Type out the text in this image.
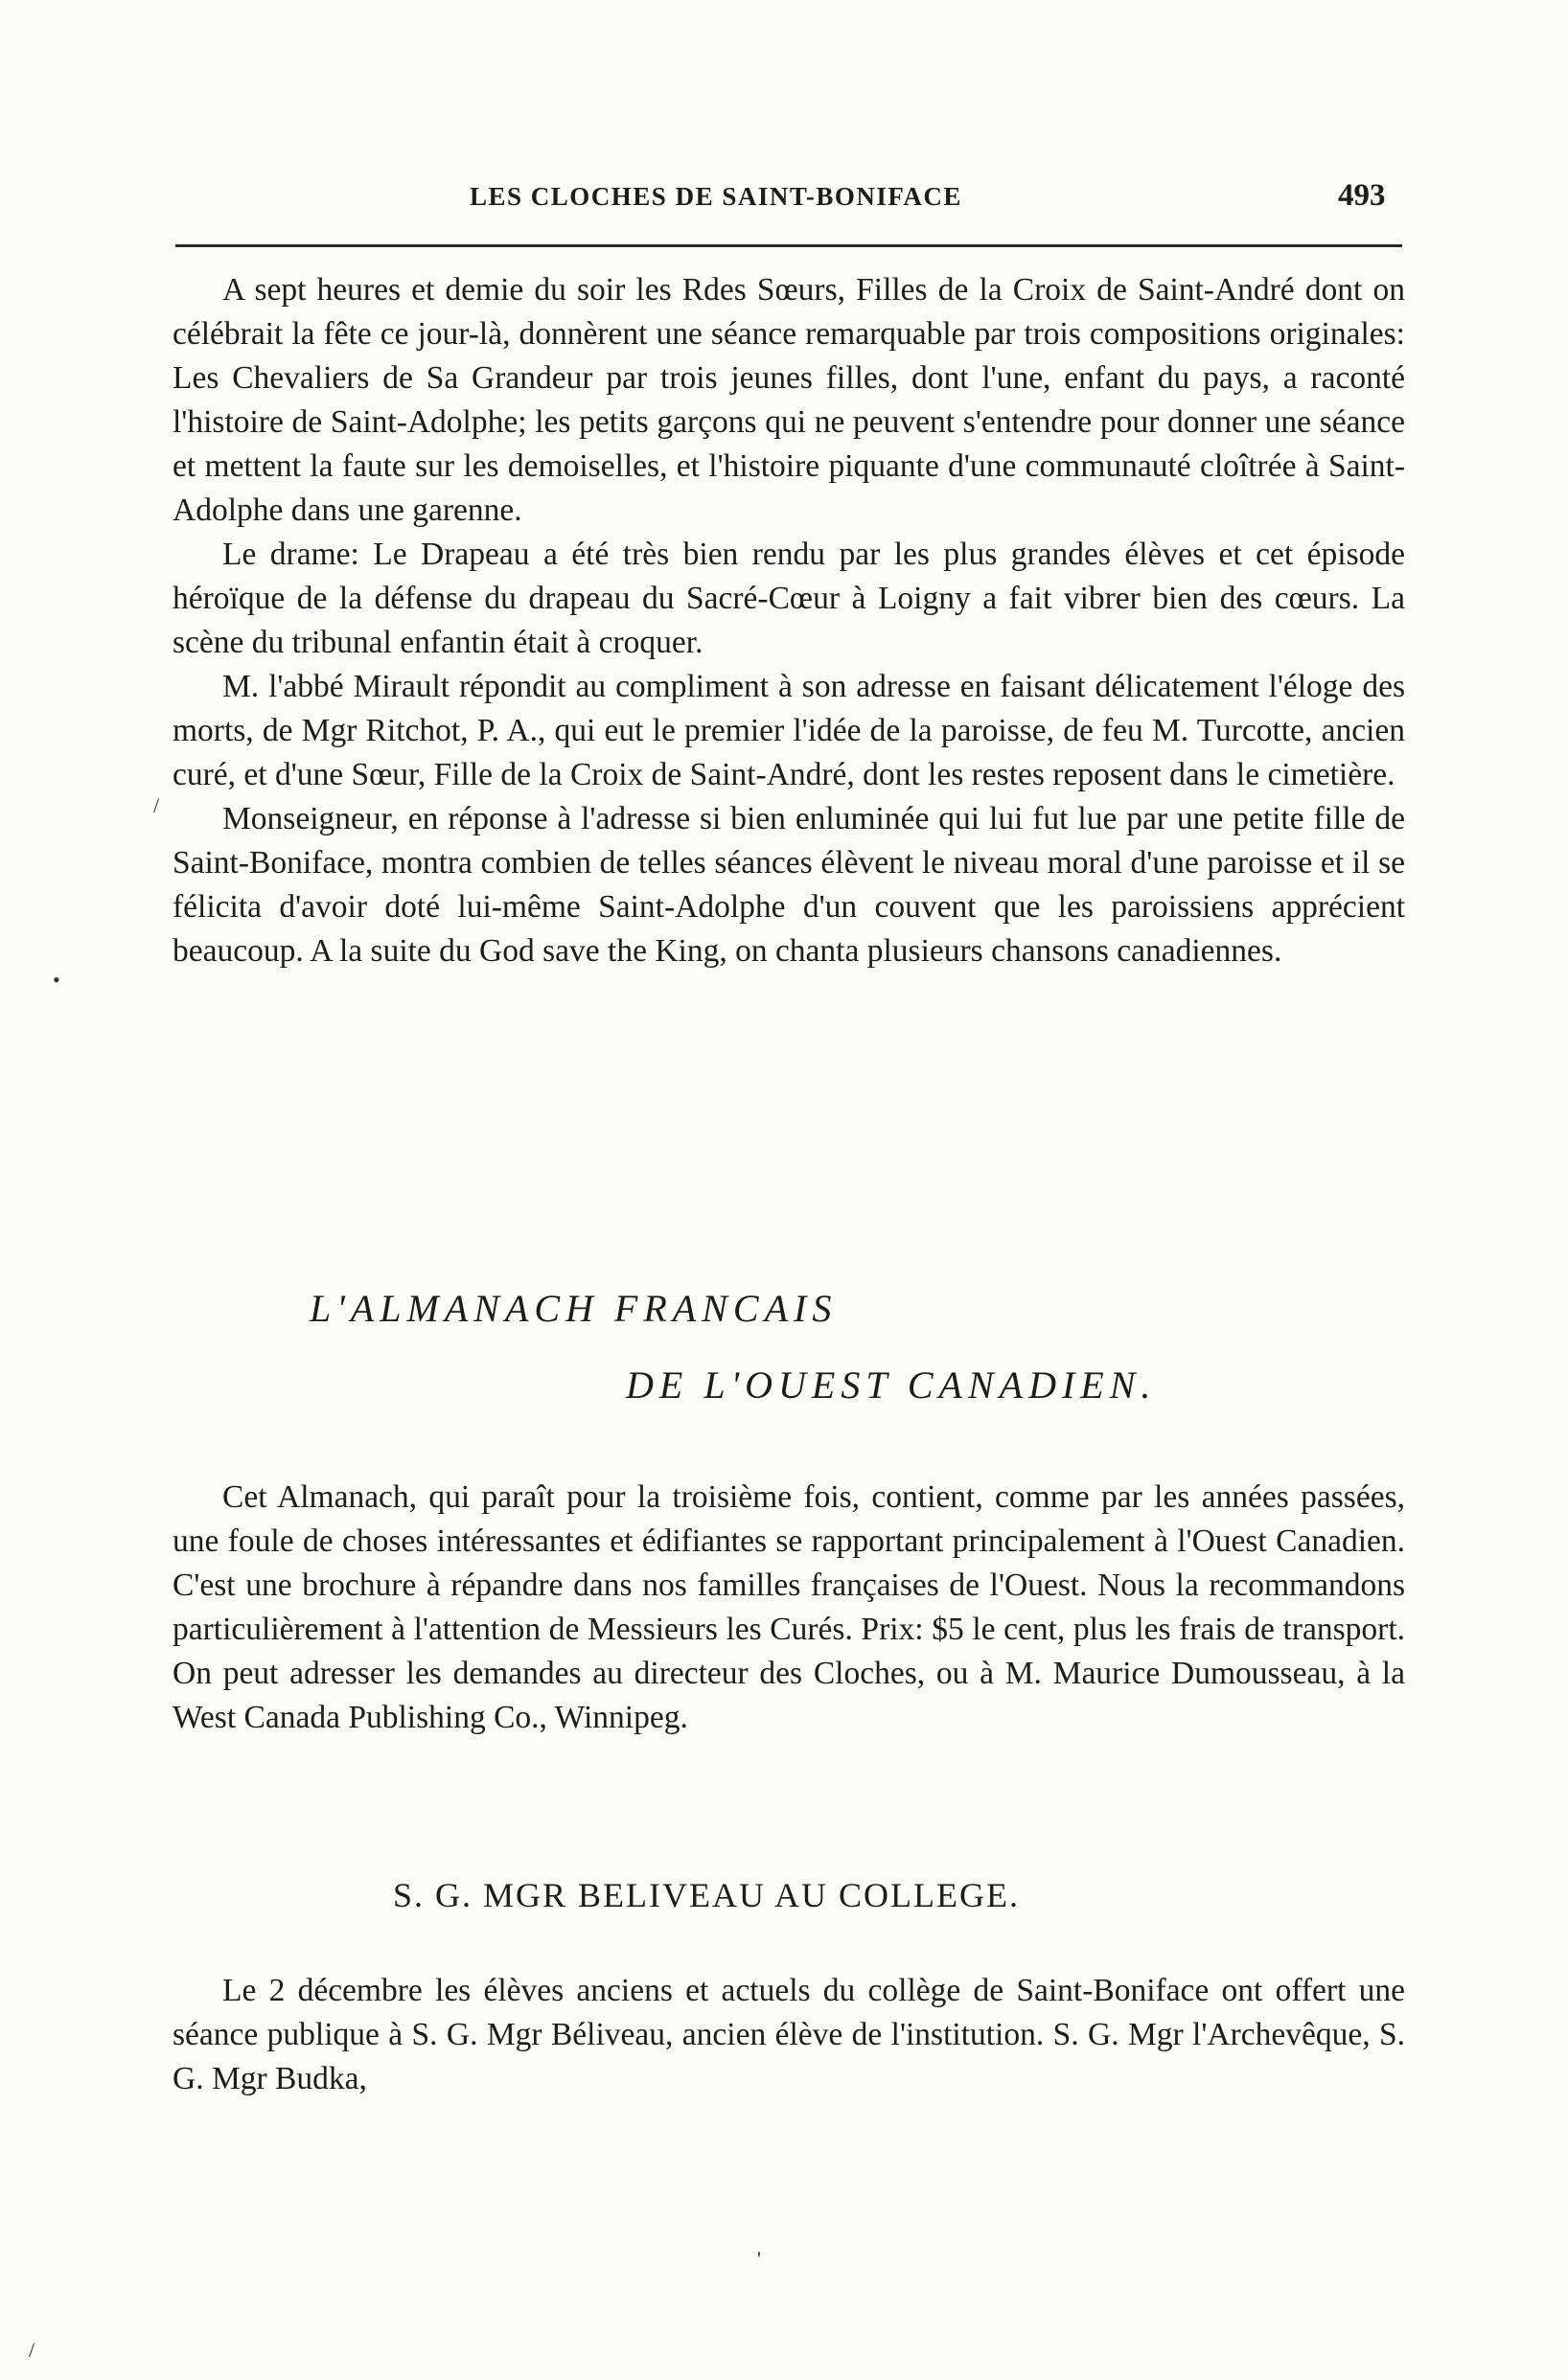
LES CLOCHES DE SAINT-BONIFACE	493

A sept heures et demie du soir les Rdes Sœurs, Filles de la Croix de Saint-André dont on célébrait la fête ce jour-là, donnèrent une séance remarquable par trois compositions originales: Les Chevaliers de Sa Grandeur par trois jeunes filles, dont l'une, enfant du pays, a raconté l'histoire de Saint-Adolphe; les petits garçons qui ne peuvent s'entendre pour donner une séance et mettent la faute sur les demoiselles, et l'histoire piquante d'une communauté cloîtrée à Saint-Adolphe dans une garenne.

Le drame: Le Drapeau a été très bien rendu par les plus grandes élèves et cet épisode héroïque de la défense du drapeau du Sacré-Cœur à Loigny a fait vibrer bien des cœurs. La scène du tribunal enfantin était à croquer.

M. l'abbé Mirault répondit au compliment à son adresse en faisant délicatement l'éloge des morts, de Mgr Ritchot, P. A., qui eut le premier l'idée de la paroisse, de feu M. Turcotte, ancien curé, et d'une Sœur, Fille de la Croix de Saint-André, dont les restes reposent dans le cimetière.

Monseigneur, en réponse à l'adresse si bien enluminée qui lui fut lue par une petite fille de Saint-Boniface, montra combien de telles séances élèvent le niveau moral d'une paroisse et il se félicita d'avoir doté lui-même Saint-Adolphe d'un couvent que les paroissiens apprécient beaucoup. A la suite du God save the King, on chanta plusieurs chansons canadiennes.

L'ALMANACH FRANCAIS
DE L'OUEST CANADIEN.

Cet Almanach, qui paraît pour la troisième fois, contient, comme par les années passées, une foule de choses intéressantes et édifiantes se rapportant principalement à l'Ouest Canadien. C'est une brochure à répandre dans nos familles françaises de l'Ouest. Nous la recommandons particulièrement à l'attention de Messieurs les Curés. Prix: $5 le cent, plus les frais de transport. On peut adresser les demandes au directeur des Cloches, ou à M. Maurice Dumousseau, à la West Canada Publishing Co., Winnipeg.

S. G. MGR BELIVEAU AU COLLEGE.

Le 2 décembre les élèves anciens et actuels du collège de Saint-Boniface ont offert une séance publique à S. G. Mgr Béliveau, ancien élève de l'institution. S. G. Mgr l'Archevêque, S. G. Mgr Budka,

/
•
'
/
